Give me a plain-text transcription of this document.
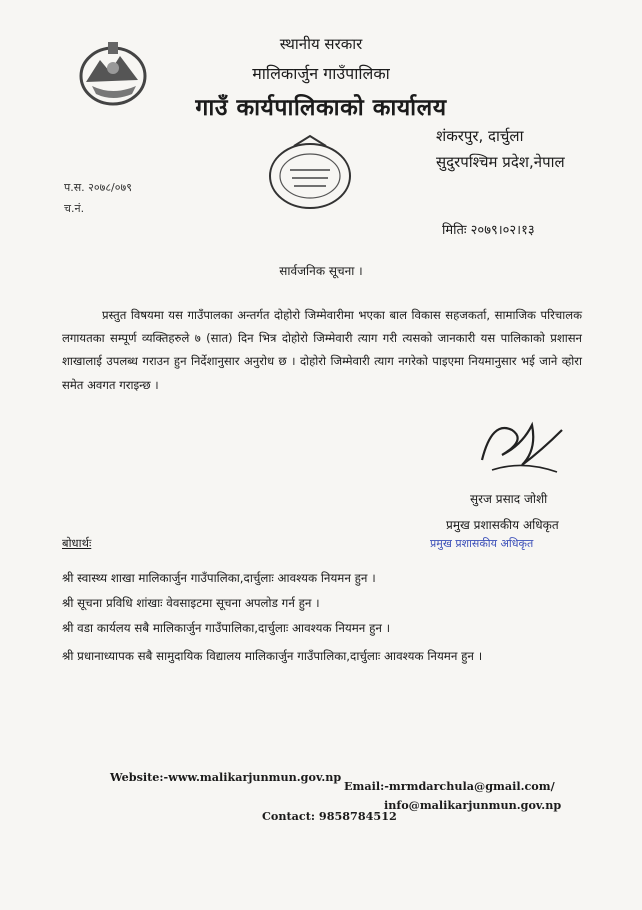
स्थानीय सरकार
मालिकार्जुन गाउँपालिका
गाउँ कार्यपालिकाको कार्यालय
शंकरपुर, दार्चुला
सुदुरपश्चिम प्रदेश,नेपाल
प.स. २०७८/०७९
च.नं.
मितिः २०७९।०२।१३
सार्वजनिक सूचना ।
प्रस्तुत विषयमा यस गाउँपालका अन्तर्गत दोहोरो जिम्मेवारीमा भएका बाल विकास सहजकर्ता, सामाजिक परिचालक लगायतका सम्पूर्ण व्यक्तिहरुले ७ (सात) दिन भित्र दोहोरो जिम्मेवारी त्याग गरी त्यसको जानकारी यस पालिकाको प्रशासन शाखालाई उपलब्ध गराउन हुन निर्देशानुसार अनुरोध छ । दोहोरो जिम्मेवारी त्याग नगरेको पाइएमा नियमानुसार भई जाने व्होरा समेत अवगत गराइन्छ ।
सुरज प्रसाद जोशी
प्रमुख प्रशासकीय अधिकृत
प्रमुख प्रशासकीय अधिकृत
बोधार्थः
श्री स्वास्थ्य शाखा मालिकार्जुन गाउँपालिका,दार्चुलाः आवश्यक नियमन हुन ।
श्री सूचना प्रविधि शांखाः वेवसाइटमा सूचना अपलोड गर्न हुन ।
श्री वडा कार्यलय सबै मालिकार्जुन गाउँपालिका,दार्चुलाः आवश्यक नियमन हुन ।
श्री प्रधानाध्यापक सबै सामुदायिक विद्यालय मालिकार्जुन गाउँपालिका,दार्चुलाः आवश्यक नियमन हुन ।
Website:-www.malikarjunmun.gov.np
Email:-mrmdarchula@gmail.com/
info@malikarjunmun.gov.np
Contact: 9858784512
